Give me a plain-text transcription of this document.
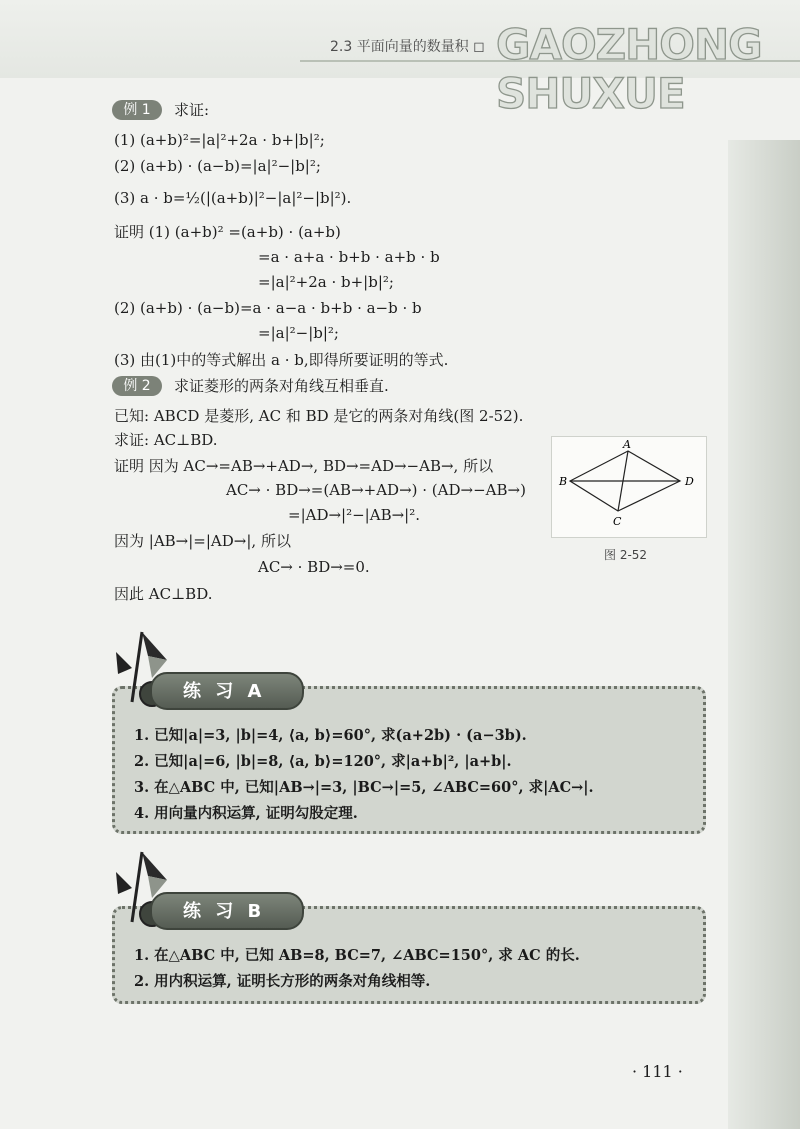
2.3 平面向量的数量积 ◻ GAOZHONG SHUXUE
例 1	求证:
(1) (a+b)²=|a|²+2a · b+|b|²;
(2) (a+b) · (a−b)=|a|²−|b|²;
(3) a · b=½(|(a+b)|²−|a|²−|b|²).
证明 (1) (a+b)² =(a+b) · (a+b)
=a · a+a · b+b · a+b · b
=|a|²+2a · b+|b|²;
(2) (a+b) · (a−b)=a · a−a · b+b · a−b · b
=|a|²−|b|²;
(3) 由(1)中的等式解出 a · b,即得所要证明的等式.
例 2	求证菱形的两条对角线互相垂直.
已知: ABCD 是菱形, AC 和 BD 是它的两条对角线(图 2-52).
求证: AC⊥BD.
证明 因为 AC→=AB→+AD→, BD→=AD→−AB→, 所以
AC→ · BD→=(AB→+AD→) · (AD→−AB→)
=|AD→|²−|AB→|².
因为 |AB→|=|AD→|, 所以
AC→ · BD→=0.
因此 AC⊥BD.
A
B
C
D
图 2-52
练 习 A
1. 已知|a|=3, |b|=4, ⟨a, b⟩=60°, 求(a+2b) · (a−3b).
2. 已知|a|=6, |b|=8, ⟨a, b⟩=120°, 求|a+b|², |a+b|.
3. 在△ABC 中, 已知|AB→|=3, |BC→|=5, ∠ABC=60°, 求|AC→|.
4. 用向量内积运算, 证明勾股定理.
练 习 B
1. 在△ABC 中, 已知 AB=8, BC=7, ∠ABC=150°, 求 AC 的长.
2. 用内积运算, 证明长方形的两条对角线相等.
· 111 ·
